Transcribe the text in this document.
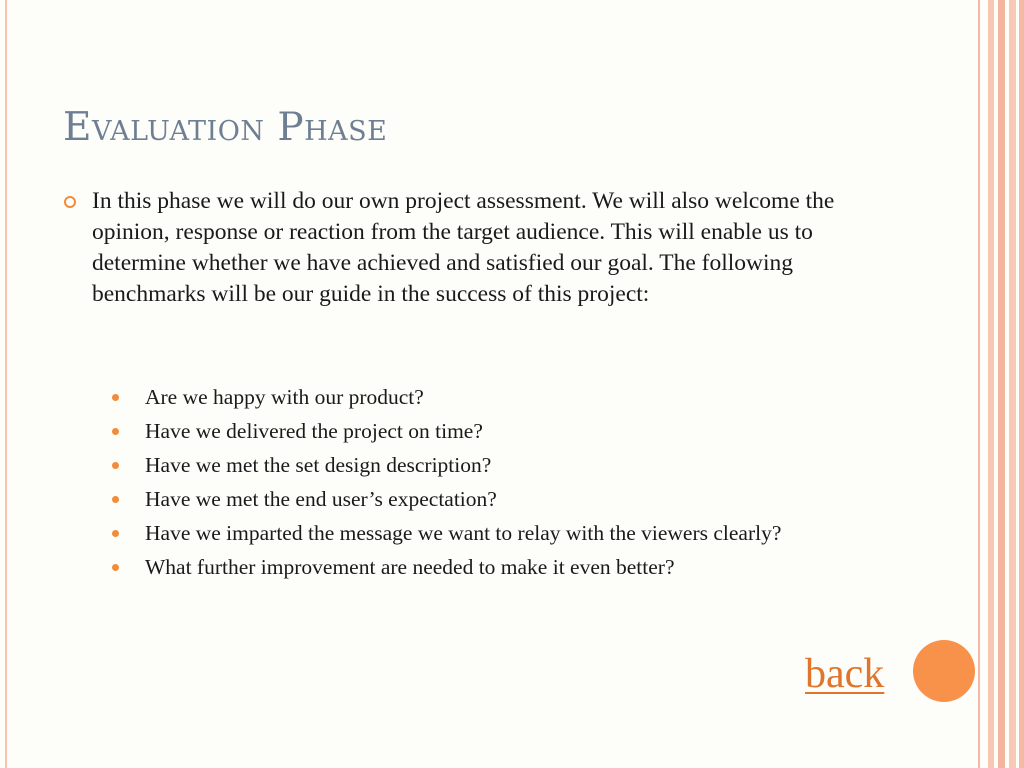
Evaluation Phase

In this phase we will do our own project assessment. We will also welcome the opinion, response or reaction from the target audience. This will enable us to determine whether we have achieved and satisfied our goal. The following benchmarks will be our guide in the success of this project:

Are we happy with our product?
Have we delivered the project on time?
Have we met the set design description?
Have we met the end user’s expectation?
Have we imparted the message we want to relay with the viewers clearly?
What further improvement are needed to make it even better?
back
